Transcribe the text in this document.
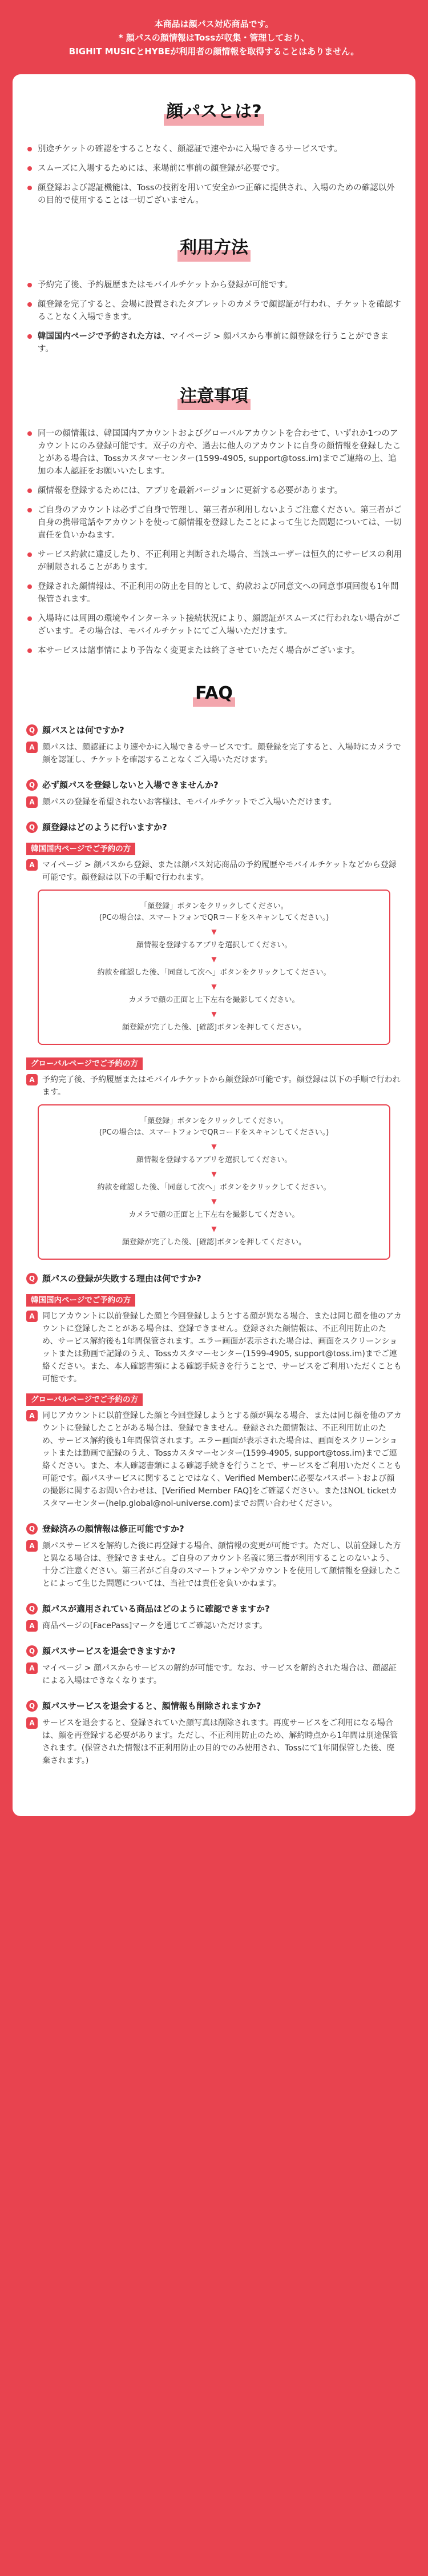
本商品は顔パス対応商品です。
* 顔パスの顔情報はTossが収集・管理しており、
BIGHIT MUSICとHYBEが利用者の顔情報を取得することはありません。
顔パスとは?
別途チケットの確認をすることなく、顔認証で速やかに入場できるサービスです。
スムーズに入場するためには、来場前に事前の顔登録が必要です。
顔登録および認証機能は、Tossの技術を用いて安全かつ正確に提供され、入場のための確認以外の目的で使用することは一切ございません。
利用方法
予約完了後、予約履歴またはモバイルチケットから登録が可能です。
顔登録を完了すると、会場に設置されたタブレットのカメラで顔認証が行われ、チケットを確認することなく入場できます。
韓国国内ページで予約された方は、マイページ > 顔パスから事前に顔登録を行うことができます。
注意事項
同一の顔情報は、韓国国内アカウントおよびグローバルアカウントを合わせて、いずれか1つのアカウントにのみ登録可能です。双子の方や、過去に他人のアカウントに自身の顔情報を登録したことがある場合は、Tossカスタマーセンター(1599-4905, support@toss.im)までご連絡の上、追加の本人認証をお願いいたします。
顔情報を登録するためには、アプリを最新バージョンに更新する必要があります。
ご自身のアカウントは必ずご自身で管理し、第三者が利用しないようご注意ください。第三者がご自身の携帯電話やアカウントを使って顔情報を登録したことによって生じた問題については、一切責任を負いかねます。
サービス約款に違反したり、不正利用と判断された場合、当該ユーザーは恒久的にサービスの利用が制限されることがあります。
登録された顔情報は、不正利用の防止を目的として、約款および同意文への同意事項回復も1年間保管されます。
入場時には周囲の環境やインターネット接続状況により、顔認証がスムーズに行われない場合がございます。その場合は、モバイルチケットにてご入場いただけます。
本サービスは諸事情により予告なく変更または終了させていただく場合がございます。
FAQ
Q 顔パスとは何ですか?
A 顔パスは、顔認証により速やかに入場できるサービスです。顔登録を完了すると、入場時にカメラで顔を認証し、チケットを確認することなくご入場いただけます。
Q 必ず顔パスを登録しないと入場できませんか?
A 顔パスの登録を希望されないお客様は、モバイルチケットでご入場いただけます。
Q 顔登録はどのように行いますか?
韓国国内ページでご予約の方
A マイページ > 顔パスから登録、または顔パス対応商品の予約履歴やモバイルチケットなどから登録可能です。顔登録は以下の手順で行われます。
「顔登録」ボタンをクリックしてください。
(PCの場合は、スマートフォンでQRコードをスキャンしてください。)
▼
顔情報を登録するアプリを選択してください。
▼
約款を確認した後、「同意して次へ」ボタンをクリックしてください。
▼
カメラで顔の正面と上下左右を撮影してください。
▼
顔登録が完了した後、[確認]ボタンを押してください。
グローバルページでご予約の方
A 予約完了後、予約履歴またはモバイルチケットから顔登録が可能です。顔登録は以下の手順で行われます。
「顔登録」ボタンをクリックしてください。
(PCの場合は、スマートフォンでQRコードをスキャンしてください。)
▼
顔情報を登録するアプリを選択してください。
▼
約款を確認した後、「同意して次へ」ボタンをクリックしてください。
▼
カメラで顔の正面と上下左右を撮影してください。
▼
顔登録が完了した後、[確認]ボタンを押してください。
Q 顔パスの登録が失敗する理由は何ですか?
韓国国内ページでご予約の方
A 同じアカウントに以前登録した顔と今回登録しようとする顔が異なる場合、または同じ顔を他のアカウントに登録したことがある場合は、登録できません。登録された顔情報は、不正利用防止のため、サービス解約後も1年間保管されます。エラー画面が表示された場合は、画面をスクリーンショットまたは動画で記録のうえ、Tossカスタマーセンター(1599-4905, support@toss.im)までご連絡ください。また、本人確認書類による確認手続きを行うことで、サービスをご利用いただくことも可能です。
グローバルページでご予約の方
A 同じアカウントに以前登録した顔と今回登録しようとする顔が異なる場合、または同じ顔を他のアカウントに登録したことがある場合は、登録できません。登録された顔情報は、不正利用防止のため、サービス解約後も1年間保管されます。エラー画面が表示された場合は、画面をスクリーンショットまたは動画で記録のうえ、Tossカスタマーセンター(1599-4905, support@toss.im)までご連絡ください。また、本人確認書類による確認手続きを行うことで、サービスをご利用いただくことも可能です。顔パスサービスに関することではなく、Verified Memberに必要なパスポートおよび顔の撮影に関するお問い合わせは、[Verified Member FAQ]をご確認ください。またはNOL ticketカスタマーセンター(help.global@nol-universe.com)までお問い合わせください。
Q 登録済みの顔情報は修正可能ですか?
A 顔パスサービスを解約した後に再登録する場合、顔情報の変更が可能です。ただし、以前登録した方と異なる場合は、登録できません。ご自身のアカウント名義に第三者が利用することのないよう、十分ご注意ください。第三者がご自身のスマートフォンやアカウントを使用して顔情報を登録したことによって生じた問題については、当社では責任を負いかねます。
Q 顔パスが適用されている商品はどのように確認できますか?
A 商品ページの[FacePass]マークを通じてご確認いただけます。
Q 顔パスサービスを退会できますか?
A マイページ > 顔パスからサービスの解約が可能です。なお、サービスを解約された場合は、顔認証による入場はできなくなります。
Q 顔パスサービスを退会すると、顔情報も削除されますか?
A サービスを退会すると、登録されていた顔写真は削除されます。再度サービスをご利用になる場合は、顔を再登録する必要があります。ただし、不正利用防止のため、解約時点から1年間は別途保管されます。(保管された情報は不正利用防止の目的でのみ使用され、Tossにて1年間保管した後、廃棄されます。)
